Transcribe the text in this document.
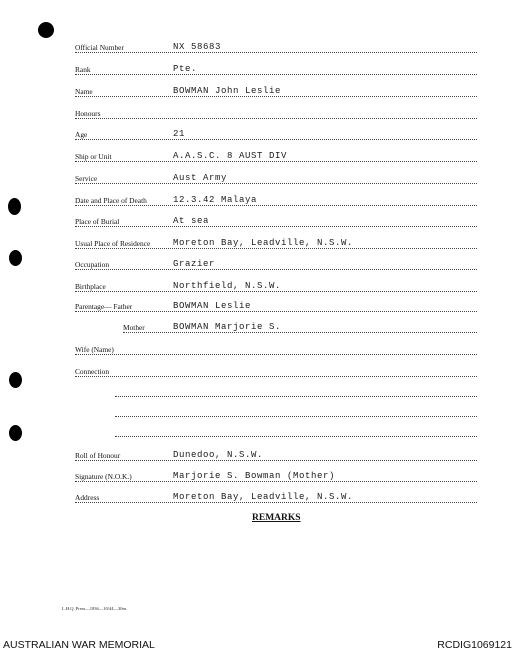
Official Number	NX 58683
Rank	Pte.
Name	BOWMAN John Leslie
Honours
Age	21
Ship or Unit	A.A.S.C. 8 AUST DIV
Service	Aust Army
Date and Place of Death	12.3.42 Malaya
Place of Burial	At sea
Usual Place of Residence	Moreton Bay, Leadville, N.S.W.
Occupation	Grazier
Birthplace	Northfield, N.S.W.
Parentage— Father	BOWMAN Leslie
Mother	BOWMAN Marjorie S.
Wife (Name)
Connection
Roll of Honour	Dunedoo, N.S.W.
Signature (N.O.K.)	Marjorie S. Bowman (Mother)
Address	Moreton Bay, Leadville, N.S.W.
REMARKS
L.H.Q. Press—1836—10/44—30m.
AUSTRALIAN WAR MEMORIAL	RCDIG1069121
